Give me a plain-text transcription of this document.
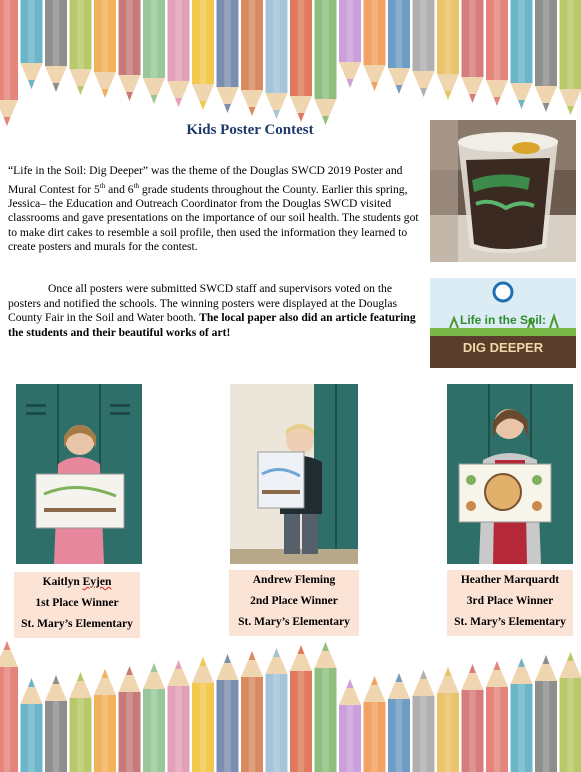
Kids Poster Contest
“Life in the Soil: Dig Deeper” was the theme of the Douglas SWCD 2019 Poster and Mural Contest for 5th and 6th grade students throughout the County. Earlier this spring, Jessica– the Education and Outreach Coordinator from the Douglas SWCD visited classrooms and gave presentations on the importance of our soil health. The students got to make dirt cakes to resemble a soil profile, then used the information they learned to create posters and murals for the contest.
Once all posters were submitted SWCD staff and supervisors voted on the posters and notified the schools. The winning posters were displayed at the Douglas County Fair in the Soil and Water booth. The local paper also did an article featuring the students and their beautiful works of art!
Life in the Soil:
DIG DEEPER
Kaitlyn Eyjen
1st Place Winner
St. Mary’s Elementary
Andrew Fleming
2nd Place Winner
St. Mary’s Elementary
Heather Marquardt
3rd Place Winner
St. Mary’s Elementary
